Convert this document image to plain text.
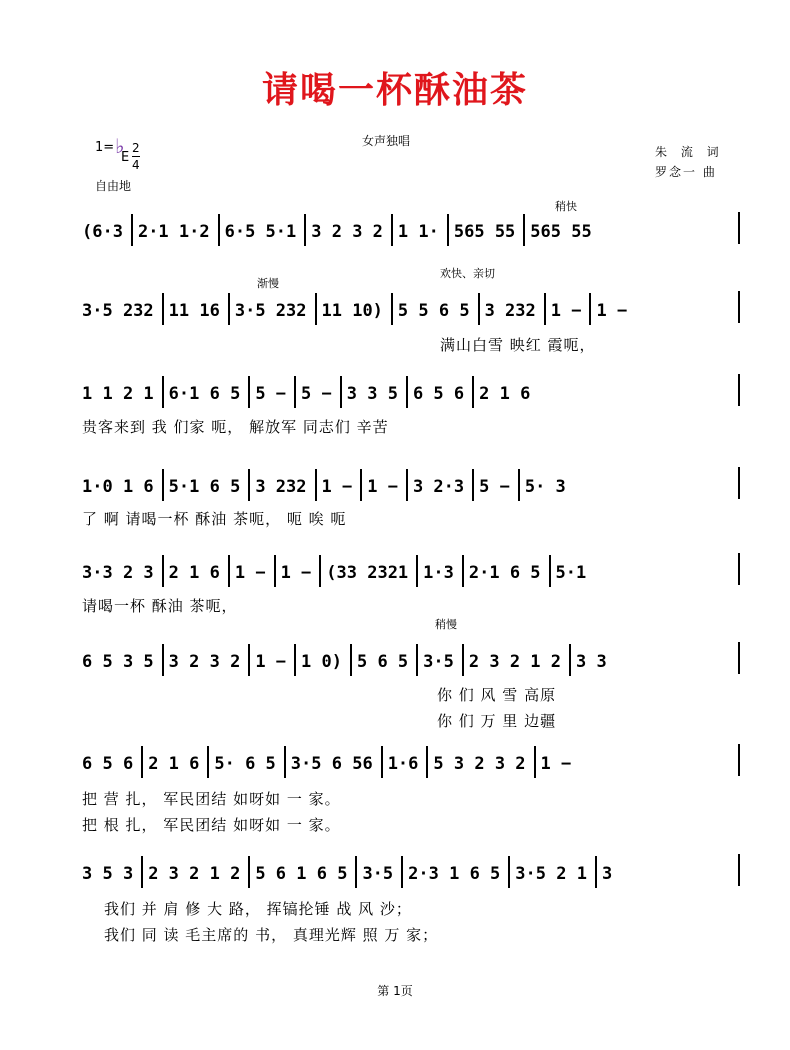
请喝一杯酥油茶
女声独唱
朱 流 词
罗念一 曲
1= ♭
E
2
4
自由地
稍快
渐慢
欢快、亲切
稍慢
(6·3 2·1 1·2 6·5 5·1 3 2 3 2 1 1· 565 55 565 55
3·5 232 11 16 3·5 232 11 10) 5 5 6 5 3 232 1 − 1 −
满山白雪 映红 霞呃，
1 1 2 1 6·1 6 5 5 − 5 − 3 3 5 6 5 6 2 1 6
贵客来到 我 们家 呃， 解放军 同志们 辛苦
1·0 1 6 5·1 6 5 3 232 1 − 1 − 3 2·3 5 − 5· 3
了 啊 请喝一杯 酥油 茶呃， 呃 唉 呃
3·3 2 3 2 1 6 1 − 1 − (33 2321 1·3 2·1 6 5 5·1
请喝一杯 酥油 茶呃，
6 5 3 5 3 2 3 2 1 − 1 0) 5 6 5 3·5 2 3 2 1 2 3 3
你 们 风 雪 高原
你 们 万 里 边疆
6 5 6 2 1 6 5· 6 5 3·5 6 56 1·6 5 3 2 3 2 1 −
把 营 扎， 军民团结 如呀如 一 家。
把 根 扎， 军民团结 如呀如 一 家。
3 5 3 2 3 2 1 2 5 6 1 6 5 3·5 2·3 1 6 5 3·5 2 1 3
我们 并 肩 修 大 路， 挥镐抡锤 战 风 沙；
我们 同 读 毛主席的 书， 真理光辉 照 万 家；
第 1页
